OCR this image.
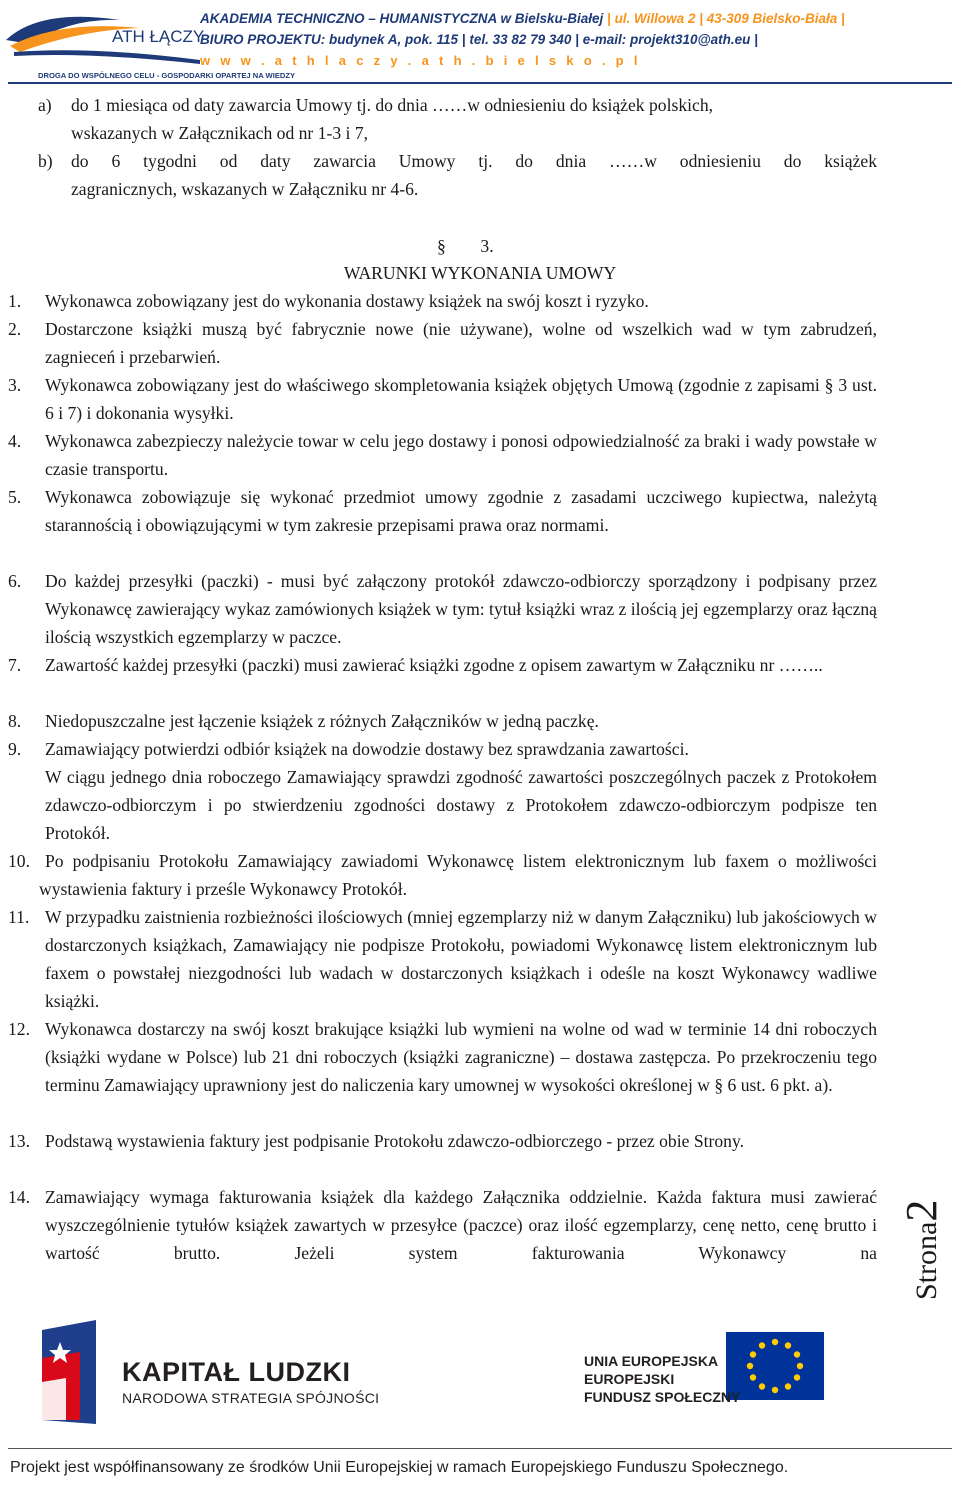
ATH ŁĄCZY
DROGA DO WSPÓLNEGO CELU - GOSPODARKI OPARTEJ NA WIEDZY
AKADEMIA TECHNICZNO – HUMANISTYCZNA w Bielsku-Białej | ul. Willowa 2 | 43-309 Bielsko-Biała |
BIURO PROJEKTU: budynek A, pok. 115 | tel. 33 82 79 340 | e-mail: projekt310@ath.eu |
w w w . a t h l a c z y . a t h . b i e l s k o . p l
a) do 1 miesiąca od daty zawarcia Umowy tj. do dnia ……w odniesieniu do książek polskich,
wskazanych w Załącznikach od nr 1-3 i 7,
b) do 6 tygodni od daty zawarcia Umowy tj. do dnia ……w odniesieniu do książek
zagranicznych, wskazanych w Załączniku nr 4-6.
§	3.
WARUNKI WYKONANIA UMOWY
1. Wykonawca zobowiązany jest do wykonania dostawy książek na swój koszt i ryzyko.
2. Dostarczone książki muszą być fabrycznie nowe (nie używane), wolne od wszelkich wad w tym zabrudzeń, zagnieceń i przebarwień.
3. Wykonawca zobowiązany jest do właściwego skompletowania książek objętych Umową (zgodnie z zapisami § 3 ust. 6 i 7) i dokonania wysyłki.
4. Wykonawca zabezpieczy należycie towar w celu jego dostawy i ponosi odpowiedzialność za braki i wady powstałe w czasie transportu.
5. Wykonawca zobowiązuje się wykonać przedmiot umowy zgodnie z zasadami uczciwego kupiectwa, należytą starannością i obowiązującymi w tym zakresie przepisami prawa oraz normami.
6. Do każdej przesyłki (paczki) - musi być załączony protokół zdawczo-odbiorczy sporządzony i podpisany przez Wykonawcę zawierający wykaz zamówionych książek w tym: tytuł książki wraz z ilością jej egzemplarzy oraz łączną ilością wszystkich egzemplarzy w paczce.
7. Zawartość każdej przesyłki (paczki) musi zawierać książki zgodne z opisem zawartym w Załączniku nr ……..
8. Niedopuszczalne jest łączenie książek z różnych Załączników w jedną paczkę.
9. Zamawiający potwierdzi odbiór książek na dowodzie dostawy bez sprawdzania zawartości.
W ciągu jednego dnia roboczego Zamawiający sprawdzi zgodność zawartości poszczególnych paczek z Protokołem zdawczo-odbiorczym i po stwierdzeniu zgodności dostawy z Protokołem zdawczo-odbiorczym podpisze ten Protokół.
10. Po podpisaniu Protokołu Zamawiający zawiadomi Wykonawcę listem elektronicznym lub faxem o możliwości wystawienia faktury i prześle Wykonawcy Protokół.
11. W przypadku zaistnienia rozbieżności ilościowych (mniej egzemplarzy niż w danym Załączniku) lub jakościowych w dostarczonych książkach, Zamawiający nie podpisze Protokołu, powiadomi Wykonawcę listem elektronicznym lub faxem o powstałej niezgodności lub wadach w dostarczonych książkach i odeśle na koszt Wykonawcy wadliwe książki.
12. Wykonawca dostarczy na swój koszt brakujące książki lub wymieni na wolne od wad w terminie 14 dni roboczych (książki wydane w Polsce) lub 21 dni roboczych (książki zagraniczne) – dostawa zastępcza. Po przekroczeniu tego terminu Zamawiający uprawniony jest do naliczenia kary umownej w wysokości określonej w § 6 ust. 6 pkt. a).
13. Podstawą wystawienia faktury jest podpisanie Protokołu zdawczo-odbiorczego - przez obie Strony.
14. Zamawiający wymaga fakturowania książek dla każdego Załącznika oddzielnie. Każda faktura musi zawierać wyszczególnienie tytułów książek zawartych w przesyłce (paczce) oraz ilość egzemplarzy, cenę netto, cenę brutto i wartość brutto. Jeżeli system fakturowania Wykonawcy na	Strona2
KAPITAŁ LUDZKI
NARODOWA STRATEGIA SPÓJNOŚCI
UNIA EUROPEJSKA
EUROPEJSKI
FUNDUSZ SPOŁECZNY
Projekt jest współfinansowany ze środków Unii Europejskiej w ramach Europejskiego Funduszu Społecznego.
